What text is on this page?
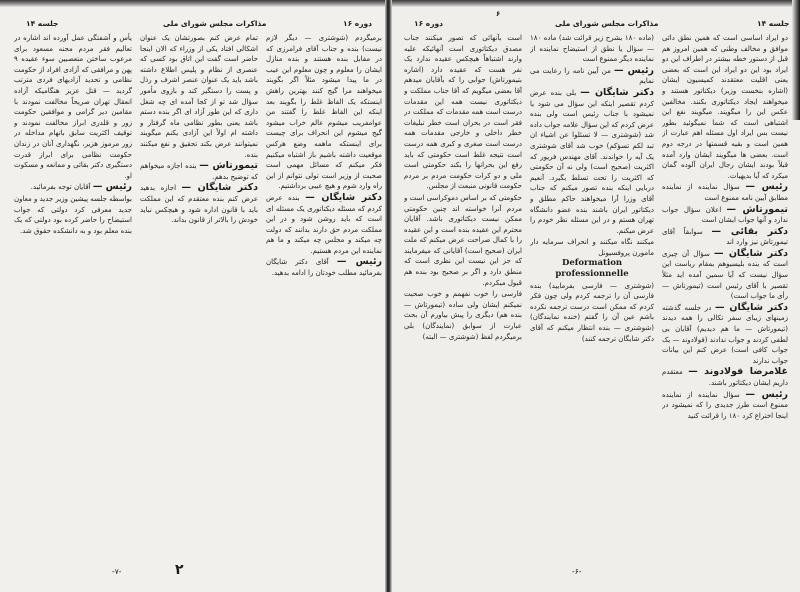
جلسه ۱۴	مذاکرات مجلس شورای ملی	دوره ۱۶

یأس و آشفتگی عمل آورده اند اشاره در تعالیم فقر مردم محنه مسعود برای مرعوب ساختن متعصبین سوء عقیده ۹ پهن و مرافقی که آزادی افراد از حکومت نظامی و تحدید آزادیهای فردی مترتب گردید — قتل عزیز هنگامیکه آزاده انعقال تهران صریحاً مخالفت نمودند با مقامین دیر گرامی و موافقین حکومت زور و قلدری ابراز مخالفت نمودند و توقیف اکثریت سابق باتهام مداخله در زور مرموز هزیر، نگهداری آنان در زندان حکومت نظامی برای ابراز قدرت دستگیری دکتر بقائی و ممانعه و مسکوت او.

رئیس — آقایان توجه بفرمائید.

بواسطه جلسه پیشین وزیر جدید و معاون جدید معرفی کرد دولتی که جواب استیضاح را حاضر کرده بود دولتی که یک بنده معلم بود و به دانشکده حقوق شد.

تمام عرض کنم بصورتشان یک عنوان اشکالی افتاد یکی از وزراء که الان اینجا حاضر است گفت این اتاق بود کسی که عنصری از نظام و پلیس اطلاع داشته باشد باید یک عنوان عنصر اشرف و رذل و پست را دستگیر کند و بازوی مأمور سؤال شد تو از کجا آمده ای چه شغل داری که این طور آزاد ای اگر بنده دستم باشد یعنی بطور نظامی ماه گرفتار و داشته ام اولاً این آزادی یکنم میگویند نمیتوانند عرض بکند تحقیق و نفع میکنند بنده.

تیمورتاش — بنده اجازه میخواهم که توضیح بدهم.

دکتر شایگان — اجازه بدهید عرض کنم بنده معتقدم که این مملکت باید با قانون اداره شود و هیچکس نباید خودش را بالاتر از قانون بداند.

برمیگردم (شوشتری — دیگر لازم نیست) بنده و جناب آقای فرامرزی که در مقابل بنده هستند و بنده منازل ایشان را معلوم و چون معلوم این عیب در ما پیدا میشود مثلاً اگر بگویند میخواهند مرا گیج کنند بهترین راهش اینستکه یک الفاظ غلط را بگویند بعد اینکه این الفاظ غلط را گفتند من عوامفریب میشوم عالم خراب میشود گیج میشوم این انحراف برای چیست برای اینستکه ماهمه وضع هرکس موقعیت داشته باشیم باز اشتباه میکنیم فکر میکنم که مسائل مهمی است صحبت از وزیر است تولی نتوانم از این راه وارد شوم و هیچ عیبی برداشتیم.

دکتر شایگان — بنده عرض کردم که مسئله دیکتاتوری یک مسئله ای است که باید روشن شود و در این مملکت مردم حق دارند بدانند که دولت چه میکند و مجلس چه میکند و ما هم نماینده این مردم هستیم.

رئیس — آقای دکتر شایگان بفرمائید مطلب خودتان را ادامه بدهید.

-۷-	۲
۶
دوره ۱۶	مذاکرات مجلس شورای ملی	جلسه ۱۴

است بآنهائی که تصور میکنند جناب مصدق دیکتاتوری است آنهائیکه علیه وارند اشتباهاً هیچکس عقیده ندارد یک نفر هست که عقیده دارد (اشاره بتیمورتاش) جوابی را که بآقایان میدهم آقا بعضی میگویم که آقا جناب مملکت و دیکتاتوری نیست همه این مقدمات درست است همه مقدمات که مملکت در فقر است در بحران است خطر تبلیغات خطر داخلی و خارجی مقدمات همه درست است صغری و کبری همه درست است نتیجه غلط است حکومتی که باید رفع این بحرانها را بکند حکومتی است ملی و دو کرات حکومت مردم بر مردم حکومت قانونی منبعث از مجلس.

حکومتی که بر اساس دموکراسی است و مردم آنرا خواسته اند چنین حکومتی ممکن نیست دیکتاتوری باشد. آقایان محترم این عقیده بنده است و این عقیده را با کمال صراحت عرض میکنم که ملت ایران (صحیح است) آقایانی که میفرمایند که جز این نیست این نظری است که منطق دارد و اگر بر صحیح بود بنده هم قبول میکردم.

فارسی را خوب نفهمم و خوب صحبت نمیکنم ایشان ولی ساده (تیمورتاش — بنده هم) دیگری را پیش بیاورم آن بحث عبارت از سوابق (نمایندگان) بلی برمیگردم لفظ (شوشتری — البته)

(ماده ۱۸۰ بشرح زیر قرائت شد) ماده ۱۸۰ — سؤال یا نطق از استیضاح نماینده از نماینده دیگر ممنوع است

رئیس — من آیین نامه را رعایت می نمایم

دکتر شایگان — بلی بنده عرض کردم تقصیر اینکه این سؤال می شود یا نمیشود با جناب رئیس است ولی بنده عرض کردم که این سؤال علامه جواب داده شد (شوشتری — لا تسئلوا عن اشیاء ان تبد لکم تسؤکم) خوب شد آقای شوشتری یک آیه را خواندند. آقای مهندس فریور که اکثریت (صحیح است) ولی نه آن حکومتی که اکثریت را تحت تسلط بگیرد. آنعیم دربایی اینکه بنده تصور میکنم که جناب آقای وزرا آرا میخواهند حاکم مطلق و دیکتاتور ایران باشند بنده عضو دانشگاه تهران هستم و در این مسئله نظر خودم را عرض میکنم.

میکنند نگاه میکنند و انحراف سرمایه دار مامورن پروفسیونل
Deformation professionnelle

(شوشتری — فارسی بفرمایید) بنده فارسی آن را ترجمه کردم ولی چون فکر کردم که ممکن است درست ترجمه نکرده باشم عین آن را گفتم (خنده نمایندگان) (شوشتری — بنده انتظار میکنم که آقای دکتر شایگان ترجمه کنند)

دو ایراد اساسی است که همین نطق دائی موافق و مخالف وطنی که همین امروز هم قبل از دستور خطه بیشتر در اطراف این دو ایراد بود این دو ایراد این است که بعضی یعنی اقلیت معتقدند کمیسیون ایشان (اشاره بنخست وزیر) دیکتاتور هستند و میخواهند ایجاد دیکتاتوری بکنند. مخالفین عکس این را میگویند. میگویند نفع این اشتباهی است که شما نمیگوئید بطور نیست بس ایراد اول مسئله اهم عبارت از همین است و بقیه قسمتها در درجه دوم است. بعضی ها میگویند ایشان وارد آمده قبلاً بودند ایشان رجال ایران آلوده گمان میکرد که آیا بدیهیات.

رئیس — سؤال نماینده از نماینده مطابق آیین نامه ممنوع است

تیمورتاش — اعلان سؤال جواب ندارد و آنها جواب ایشان است

دکتر بقائی — سوابقاً آقای تیمورتاش نیز وارد اند

دکتر شایگان — سؤال آن چیزی است که بنده بلیسیوهم بمقام ریاست این سؤال نیست که آیا سمین آمده اید مثلاً تقصیر با آقای رئیس است (تیمورتاش — رأی ما جواب است)

دکتر شایگان — در جلسه گذشته زمینهای زیبای سفر تکالی را همه دیدند (تیمورتاش — ما هم دیدیم) آقایان بی لطفی کردند و جواب ندادند (فولادوند — یک جواب کافی است) عرض کنم این بیانات جواب ندارند

غلامرضا فولادوند — معتقدم داریم ایشان دیکتاتور باشند.

رئیس — سؤال نماینده از نماینده ممنوع است طرز جدیدی را که نمیشود در اینجا اختراع کرد ۱۸۰ را قرائت کنید

-۶-
